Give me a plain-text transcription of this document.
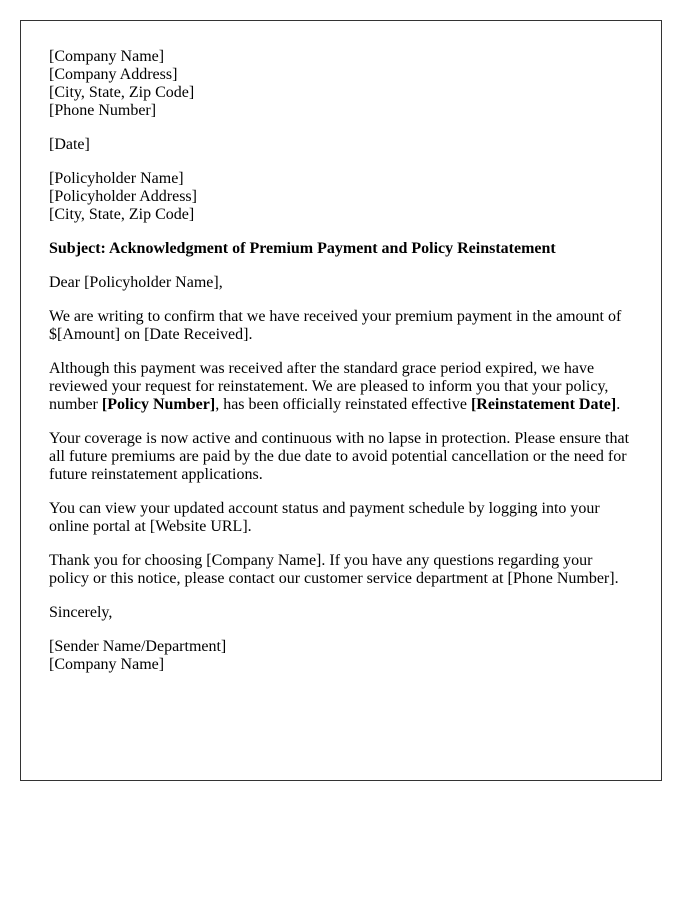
[Company Name]
[Company Address]
[City, State, Zip Code]
[Phone Number]
[Date]
[Policyholder Name]
[Policyholder Address]
[City, State, Zip Code]
Subject: Acknowledgment of Premium Payment and Policy Reinstatement
Dear [Policyholder Name],
We are writing to confirm that we have received your premium payment in the amount of $[Amount] on [Date Received].
Although this payment was received after the standard grace period expired, we have reviewed your request for reinstatement. We are pleased to inform you that your policy, number [Policy Number], has been officially reinstated effective [Reinstatement Date].
Your coverage is now active and continuous with no lapse in protection. Please ensure that all future premiums are paid by the due date to avoid potential cancellation or the need for future reinstatement applications.
You can view your updated account status and payment schedule by logging into your online portal at [Website URL].
Thank you for choosing [Company Name]. If you have any questions regarding your policy or this notice, please contact our customer service department at [Phone Number].
Sincerely,
[Sender Name/Department]
[Company Name]
